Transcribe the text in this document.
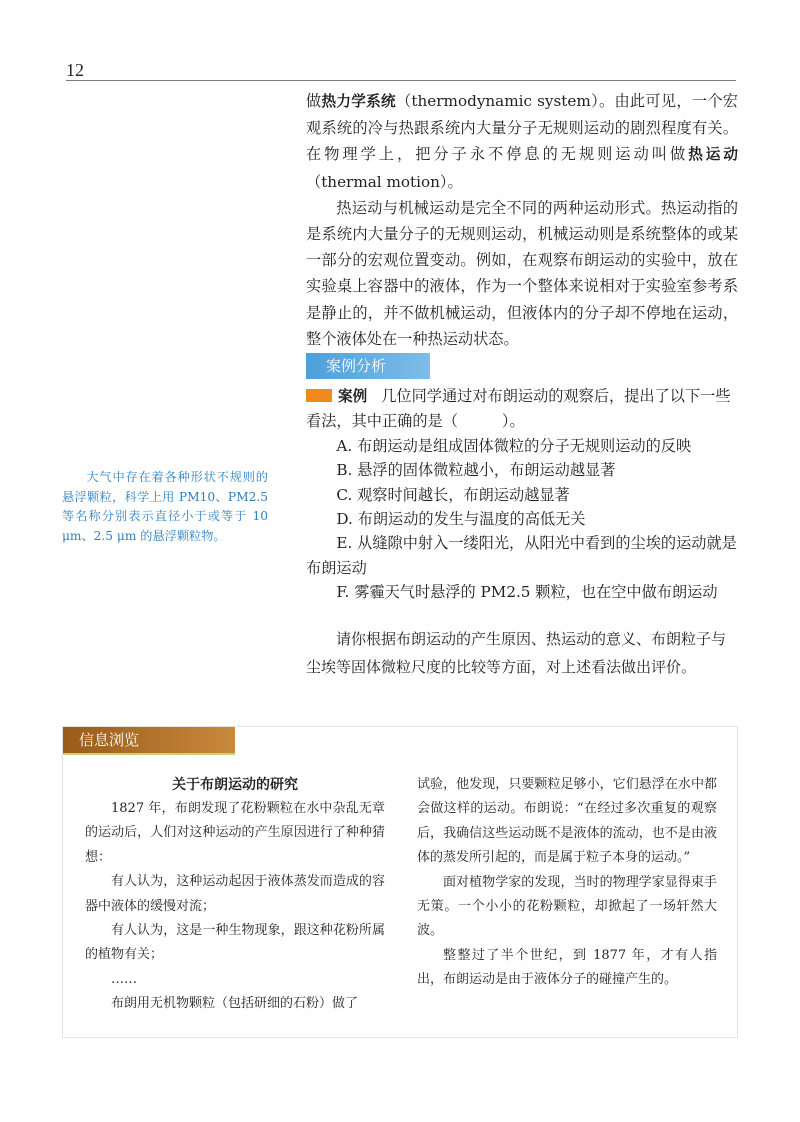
12

做热力学系统（thermodynamic system）。由此可见，一个宏观系统的冷与热跟系统内大量分子无规则运动的剧烈程度有关。在物理学上，把分子永不停息的无规则运动叫做热运动（thermal motion）。

热运动与机械运动是完全不同的两种运动形式。热运动指的是系统内大量分子的无规则运动，机械运动则是系统整体的或某一部分的宏观位置变动。例如，在观察布朗运动的实验中，放在实验桌上容器中的液体，作为一个整体来说相对于实验室参考系是静止的，并不做机械运动，但液体内的分子却不停地在运动，整个液体处在一种热运动状态。

案例分析

案例 几位同学通过对布朗运动的观察后，提出了以下一些看法，其中正确的是（	）。

A. 布朗运动是组成固体微粒的分子无规则运动的反映

B. 悬浮的固体微粒越小，布朗运动越显著

C. 观察时间越长，布朗运动越显著

D. 布朗运动的发生与温度的高低无关

E. 从缝隙中射入一缕阳光，从阳光中看到的尘埃的运动就是布朗运动

F. 雾霾天气时悬浮的 PM2.5 颗粒，也在空中做布朗运动

请你根据布朗运动的产生原因、热运动的意义、布朗粒子与尘埃等固体微粒尺度的比较等方面，对上述看法做出评价。

大气中存在着各种形状不规则的悬浮颗粒，科学上用 PM10、PM2.5 等名称分别表示直径小于或等于 10 μm、2.5 μm 的悬浮颗粒物。

信息浏览

关于布朗运动的研究

1827 年，布朗发现了花粉颗粒在水中杂乱无章的运动后，人们对这种运动的产生原因进行了种种猜想：

有人认为，这种运动起因于液体蒸发而造成的容器中液体的缓慢对流；

有人认为，这是一种生物现象，跟这种花粉所属的植物有关；

……

布朗用无机物颗粒（包括研细的石粉）做了

试验，他发现，只要颗粒足够小，它们悬浮在水中都会做这样的运动。布朗说：“在经过多次重复的观察后，我确信这些运动既不是液体的流动，也不是由液体的蒸发所引起的，而是属于粒子本身的运动。”

面对植物学家的发现，当时的物理学家显得束手无策。一个小小的花粉颗粒，却掀起了一场轩然大波。

整整过了半个世纪，到 1877 年，才有人指出，布朗运动是由于液体分子的碰撞产生的。
